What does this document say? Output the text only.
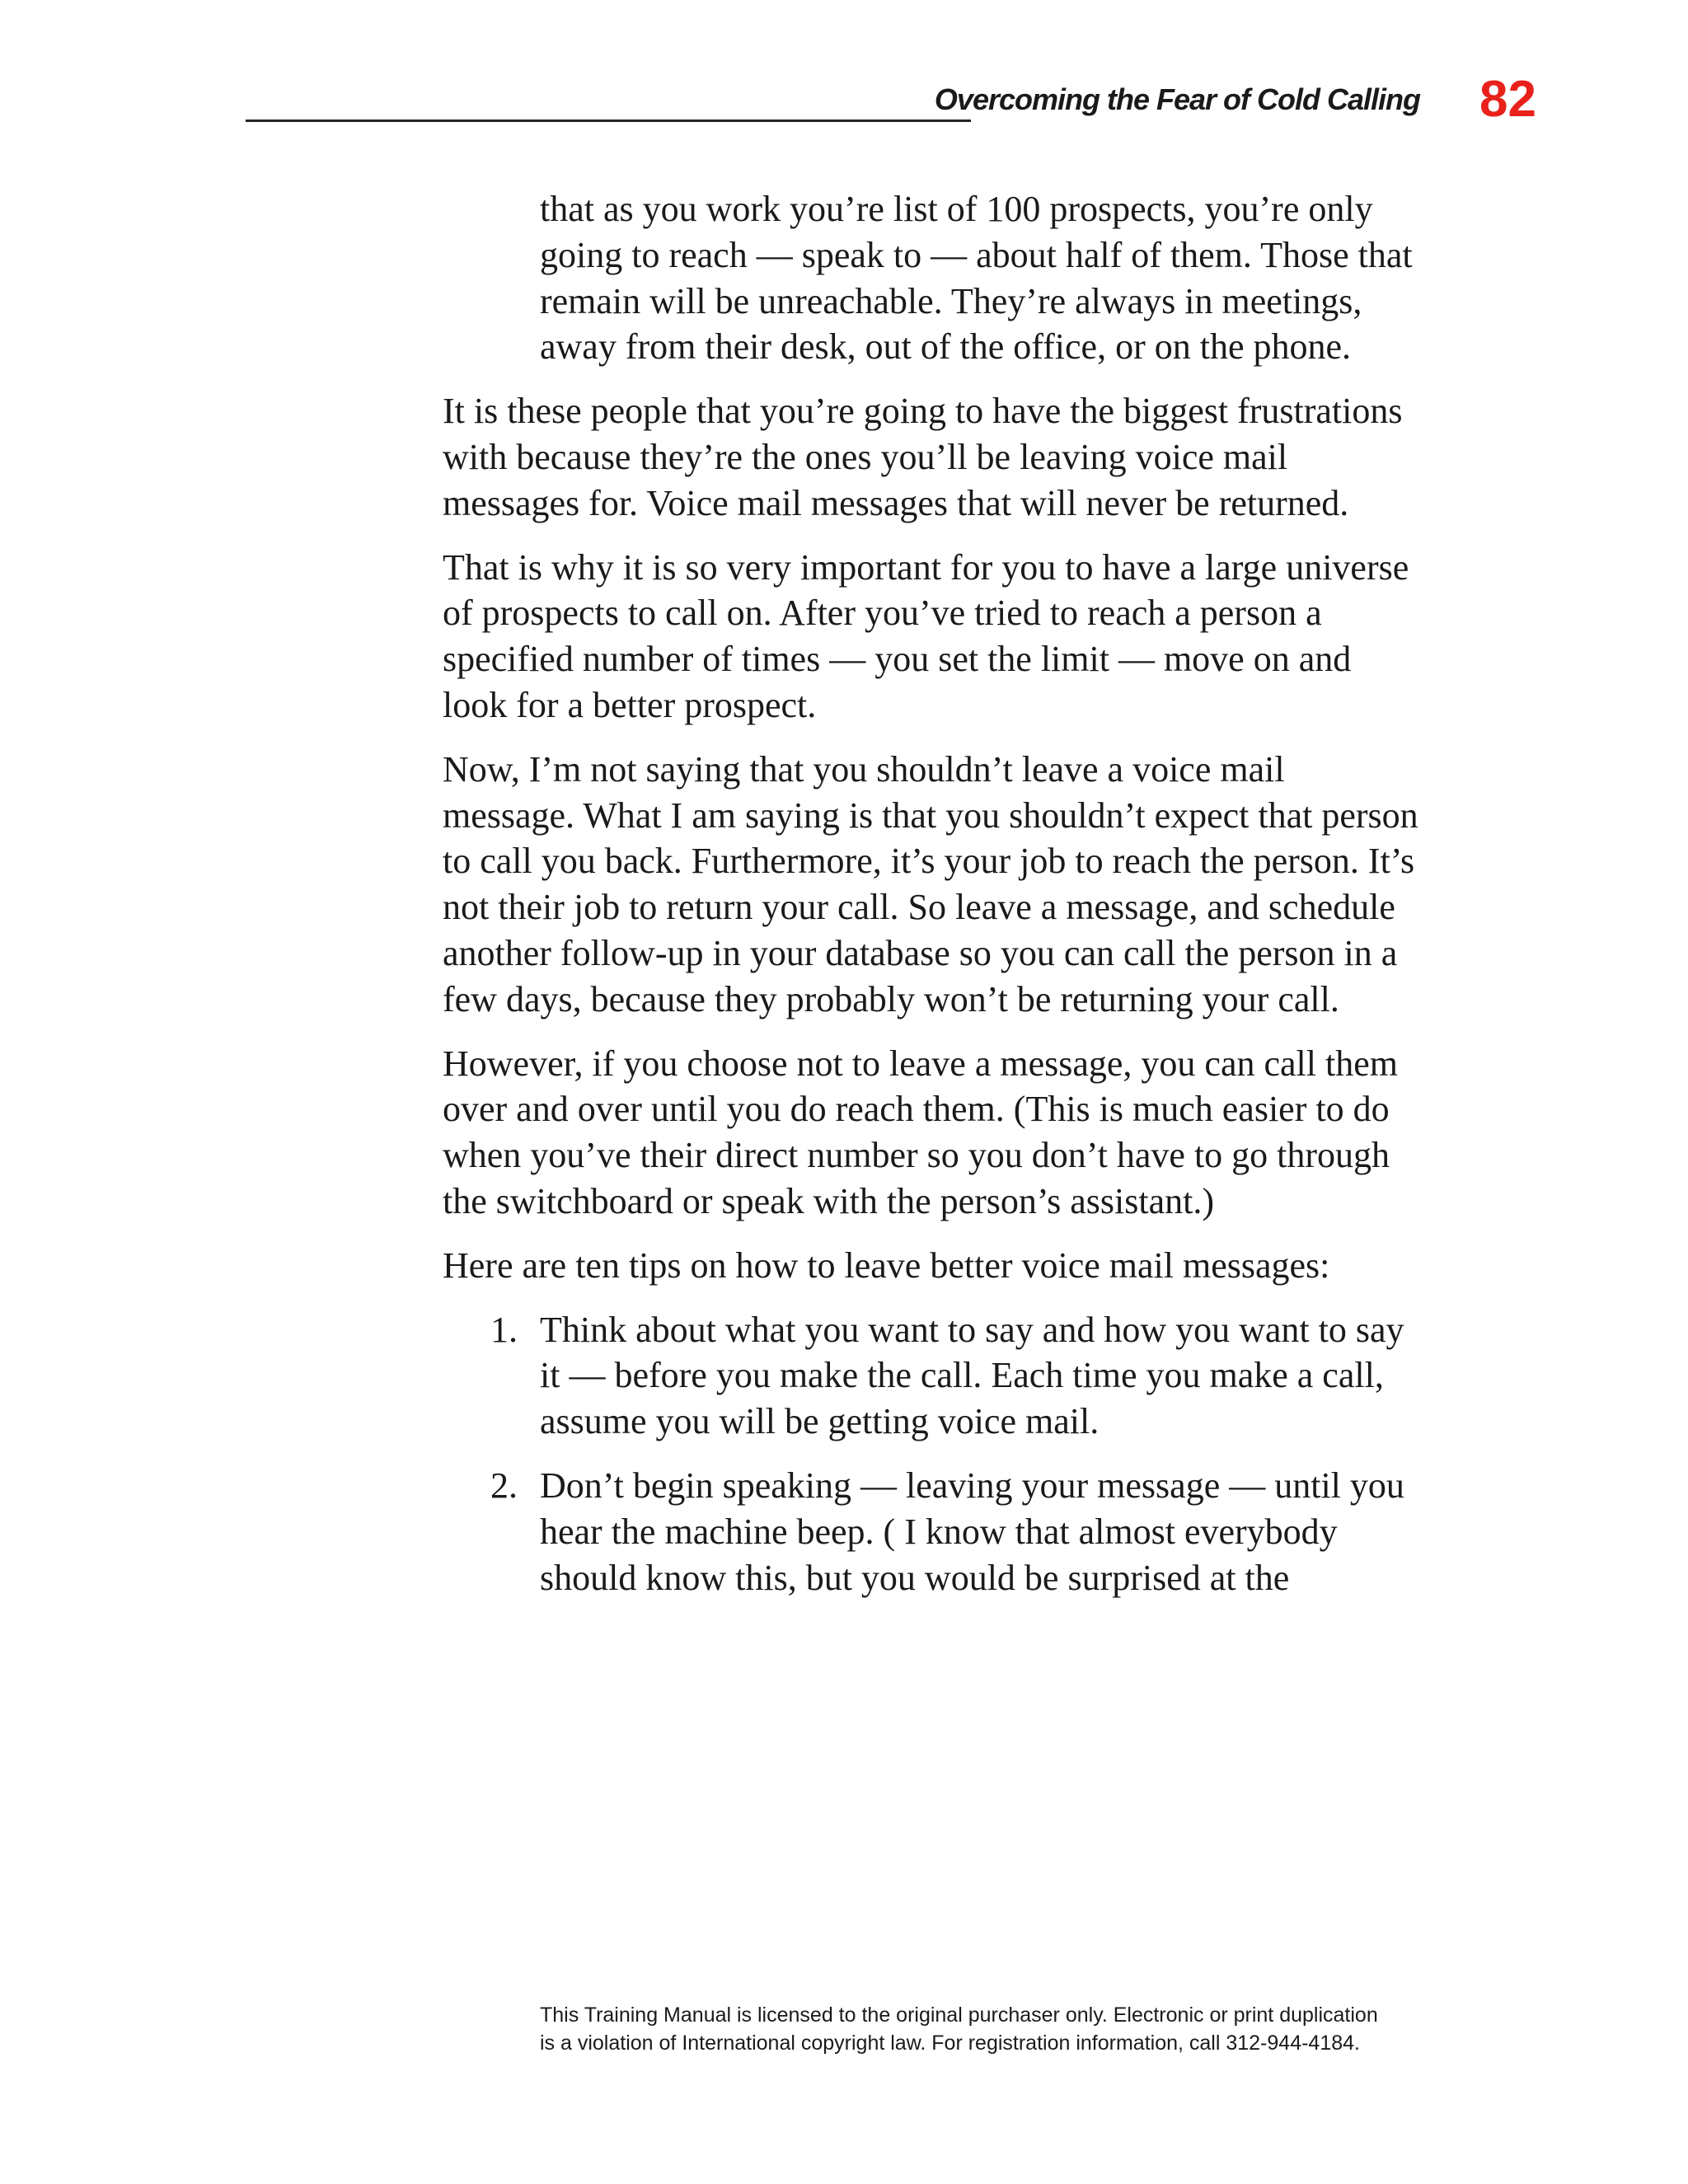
Overcoming the Fear of Cold Calling 82

that as you work you’re list of 100 prospects, you’re only going to reach — speak to — about half of them. Those that remain will be unreachable. They’re always in meetings, away from their desk, out of the office, or on the phone.

It is these people that you’re going to have the biggest frustrations with because they’re the ones you’ll be leaving voice mail messages for. Voice mail messages that will never be returned.

That is why it is so very important for you to have a large universe of prospects to call on. After you’ve tried to reach a person a specified number of times — you set the limit — move on and look for a better prospect.

Now, I’m not saying that you shouldn’t leave a voice mail message. What I am saying is that you shouldn’t expect that person to call you back. Furthermore, it’s your job to reach the person. It’s not their job to return your call. So leave a message, and schedule another follow-up in your database so you can call the person in a few days, because they probably won’t be returning your call.

However, if you choose not to leave a message, you can call them over and over until you do reach them. (This is much easier to do when you’ve their direct number so you don’t have to go through the switchboard or speak with the person’s assistant.)

Here are ten tips on how to leave better voice mail messages:

1. Think about what you want to say and how you want to say it — before you make the call. Each time you make a call, assume you will be getting voice mail.
2. Don’t begin speaking — leaving your message — until you hear the machine beep. ( I know that almost everybody should know this, but you would be surprised at the
This Training Manual is licensed to the original purchaser only. Electronic or print duplication
is a violation of International copyright law. For registration information, call 312-944-4184.
